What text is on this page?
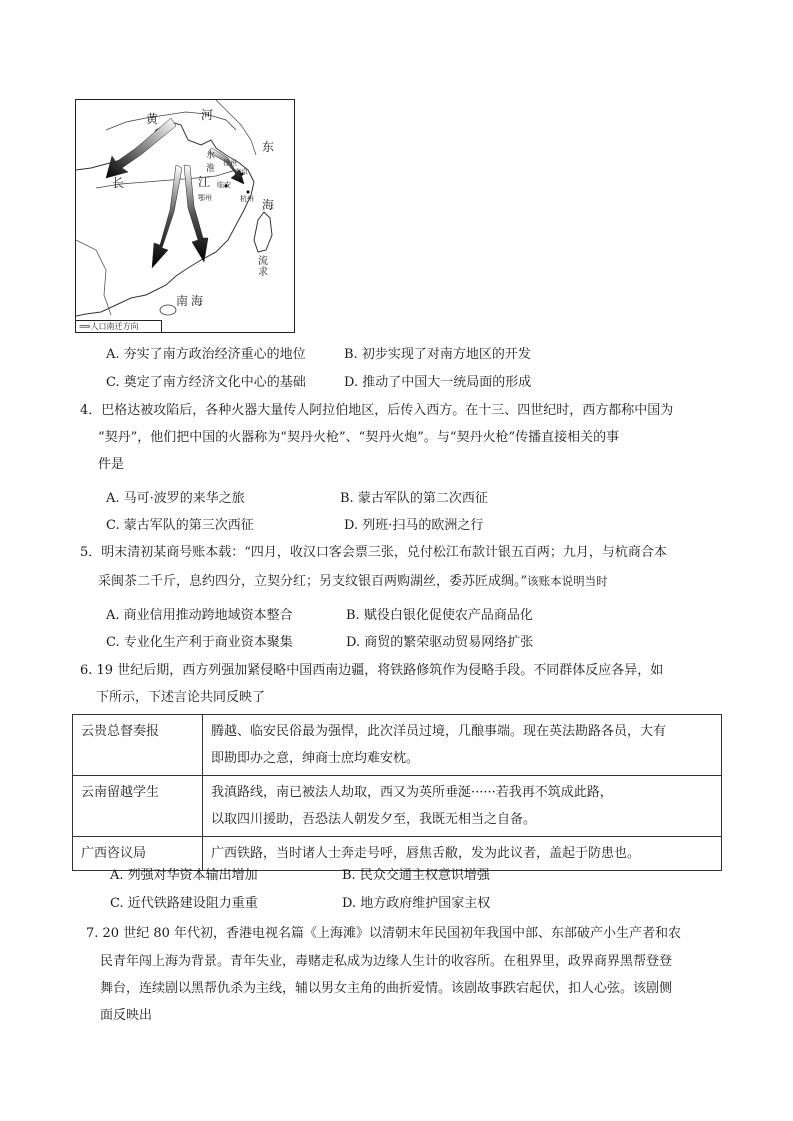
黄	河
东
海
长	江
南 海
流
求
水
淮
徐州
南京
临安
鄂州	杭州
⟹人口南迁方向
A. 夯实了南方政治经济重心的地位	B. 初步实现了对南方地区的开发
C. 奠定了南方经济文化中心的基础	D. 推动了中国大一统局面的形成
4．巴格达被攻陷后，各种火器大量传人阿拉伯地区，后传入西方。在十三、四世纪时，西方都称中国为
“契丹”，他们把中国的火器称为“契丹火枪”、“契丹火炮”。与“契丹火枪”传播直接相关的事
件是
A. 马可·波罗的来华之旅	B. 蒙古军队的第二次西征
C. 蒙古军队的第三次西征	D. 列班·扫马的欧洲之行
5．明末清初某商号账本载：“四月，收汉口客会票三张，兑付松江布款计银五百两；九月，与杭商合本
采闽茶二千斤，息约四分，立契分红；另支纹银百两购湖丝，委苏匠成绸。”该账本说明当时
A. 商业信用推动跨地域资本整合	B. 赋役白银化促使农产品商品化
C. 专业化生产利于商业资本聚集	D. 商贸的繁荣驱动贸易网络扩张
6. 19 世纪后期，西方列强加紧侵略中国西南边疆，将铁路修筑作为侵略手段。不同群体反应各异，如
下所示，下述言论共同反映了
云贵总督奏报	腾越、临安民俗最为强悍，此次洋员过境，几酿事端。现在英法勘路各员，大有
即勘即办之意，绅商士庶均难安枕。

云南留越学生	我滇路线，南已被法人劫取，西又为英所垂涎······若我再不筑成此路，
以取四川援助，吾恐法人朝发夕至，我既无相当之自备。

广西咨议局	广西铁路，当时诸人士奔走号呼，唇焦舌敝，发为此议者，盖起于防患也。
A. 列强对华资本输出增加	B. 民众交通主权意识增强
C. 近代铁路建设阻力重重	D. 地方政府维护国家主权
7. 20 世纪 80 年代初，香港电视名篇《上海滩》以清朝末年民国初年我国中部、东部破产小生产者和农
民青年闯上海为背景。青年失业，毒赌走私成为边缘人生计的收容所。在租界里，政界商界黑帮登登
舞台，连续剧以黑帮仇杀为主线，辅以男女主角的曲折爱情。该剧故事跌宕起伏，扣人心弦。该剧侧
面反映出
